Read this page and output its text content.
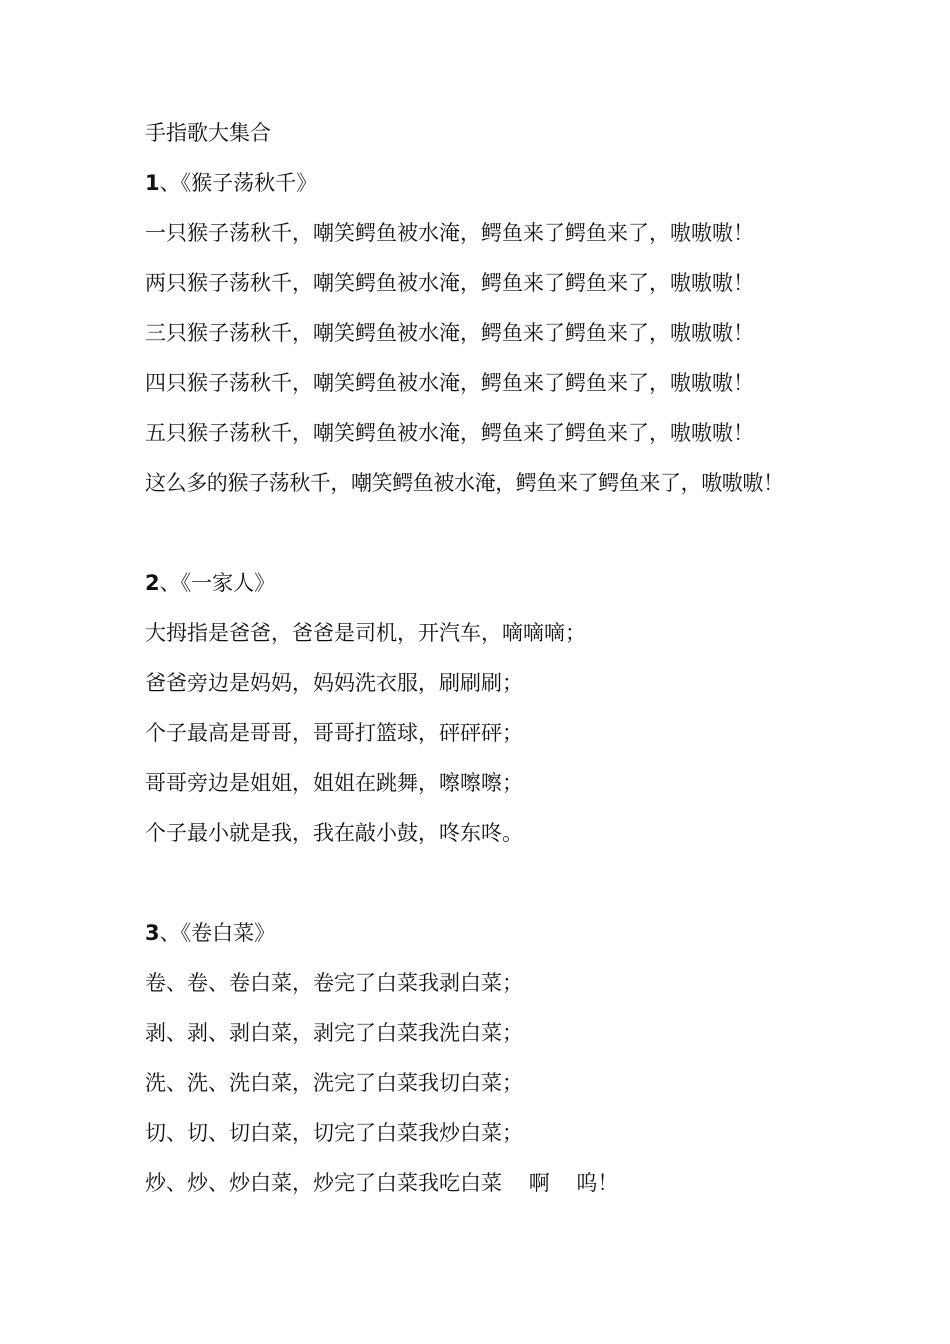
手指歌大集合
1、《猴子荡秋千》
一只猴子荡秋千，嘲笑鳄鱼被水淹，鳄鱼来了鳄鱼来了，嗷嗷嗷！
两只猴子荡秋千，嘲笑鳄鱼被水淹，鳄鱼来了鳄鱼来了，嗷嗷嗷！
三只猴子荡秋千，嘲笑鳄鱼被水淹，鳄鱼来了鳄鱼来了，嗷嗷嗷！
四只猴子荡秋千，嘲笑鳄鱼被水淹，鳄鱼来了鳄鱼来了，嗷嗷嗷！
五只猴子荡秋千，嘲笑鳄鱼被水淹，鳄鱼来了鳄鱼来了，嗷嗷嗷！
这么多的猴子荡秋千，嘲笑鳄鱼被水淹，鳄鱼来了鳄鱼来了，嗷嗷嗷！
2、《一家人》
大拇指是爸爸，爸爸是司机，开汽车，嘀嘀嘀；
爸爸旁边是妈妈，妈妈洗衣服，刷刷刷；
个子最高是哥哥，哥哥打篮球，砰砰砰；
哥哥旁边是姐姐，姐姐在跳舞，嚓嚓嚓；
个子最小就是我，我在敲小鼓，咚东咚。
3、《卷白菜》
卷、卷、卷白菜，卷完了白菜我剥白菜；
剥、剥、剥白菜，剥完了白菜我洗白菜；
洗、洗、洗白菜，洗完了白菜我切白菜；
切、切、切白菜，切完了白菜我炒白菜；
炒、炒、炒白菜，炒完了白菜我吃白菜    啊    呜！
